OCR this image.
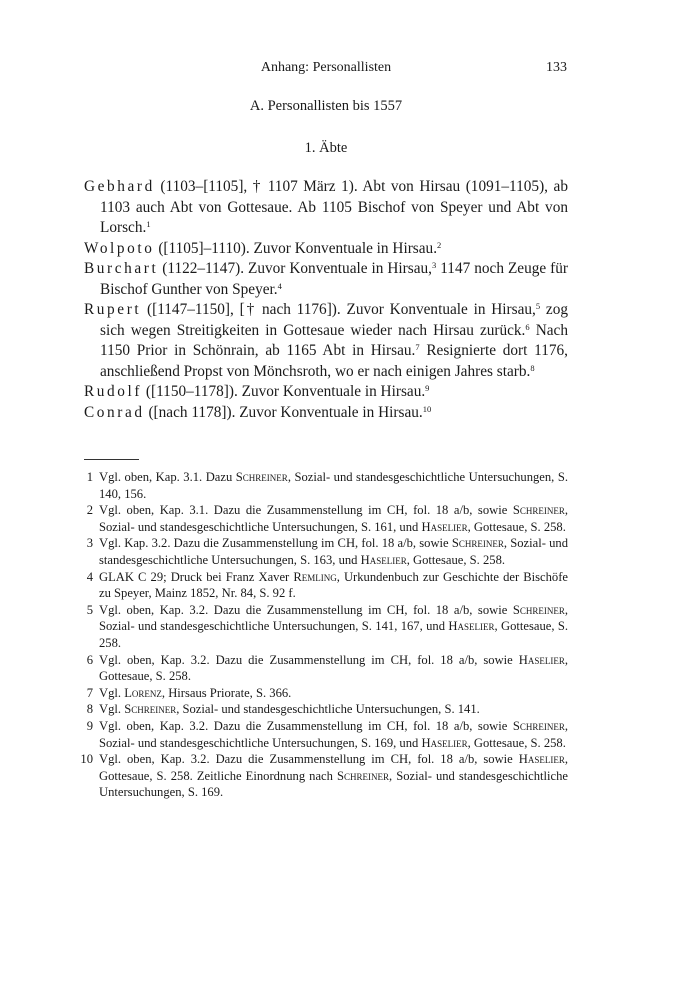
Anhang: Personallisten	133
A. Personallisten bis 1557
1. Äbte

Gebhard (1103–[1105], † 1107 März 1). Abt von Hirsau (1091–1105), ab 1103 auch Abt von Gottesaue. Ab 1105 Bischof von Speyer und Abt von Lorsch.$^1$

Wolpoto ([1105]–1110). Zuvor Konventuale in Hirsau.$^2$

Burchart (1122–1147). Zuvor Konventuale in Hirsau,$^3$ 1147 noch Zeuge für Bischof Gunther von Speyer.$^4$

Rupert ([1147–1150], [† nach 1176]). Zuvor Konventuale in Hirsau,$^5$ zog sich wegen Streitigkeiten in Gottesaue wieder nach Hirsau zurück.$^6$ Nach 1150 Prior in Schönrain, ab 1165 Abt in Hirsau.$^7$ Resignierte dort 1176, anschließend Propst von Mönchsroth, wo er nach einigen Jahres starb.$^8$

Rudolf ([1150–1178]). Zuvor Konventuale in Hirsau.$^9$

Conrad ([nach 1178]). Zuvor Konventuale in Hirsau.$^{10}$

1 Vgl. oben, Kap. 3.1. Dazu Schreiner, Sozial- und standesgeschichtliche Untersuchungen, S. 140, 156.
2 Vgl. oben, Kap. 3.1. Dazu die Zusammenstellung im CH, fol. 18 a/b, sowie Schreiner, Sozial- und standesgeschichtliche Untersuchungen, S. 161, und Haselier, Gottesaue, S. 258.
3 Vgl. Kap. 3.2. Dazu die Zusammenstellung im CH, fol. 18 a/b, sowie Schreiner, Sozial- und standesgeschichtliche Untersuchungen, S. 163, und Haselier, Gottesaue, S. 258.
4 GLAK C 29; Druck bei Franz Xaver Remling, Urkundenbuch zur Geschichte der Bischöfe zu Speyer, Mainz 1852, Nr. 84, S. 92 f.
5 Vgl. oben, Kap. 3.2. Dazu die Zusammenstellung im CH, fol. 18 a/b, sowie Schreiner, Sozial- und standesgeschichtliche Untersuchungen, S. 141, 167, und Haselier, Gottesaue, S. 258.
6 Vgl. oben, Kap. 3.2. Dazu die Zusammenstellung im CH, fol. 18 a/b, sowie Haselier, Gottesaue, S. 258.
7 Vgl. Lorenz, Hirsaus Priorate, S. 366.
8 Vgl. Schreiner, Sozial- und standesgeschichtliche Untersuchungen, S. 141.
9 Vgl. oben, Kap. 3.2. Dazu die Zusammenstellung im CH, fol. 18 a/b, sowie Schreiner, Sozial- und standesgeschichtliche Untersuchungen, S. 169, und Haselier, Gottesaue, S. 258.
10 Vgl. oben, Kap. 3.2. Dazu die Zusammenstellung im CH, fol. 18 a/b, sowie Haselier, Gottesaue, S. 258. Zeitliche Einordnung nach Schreiner, Sozial- und standesgeschichtliche Untersuchungen, S. 169.
